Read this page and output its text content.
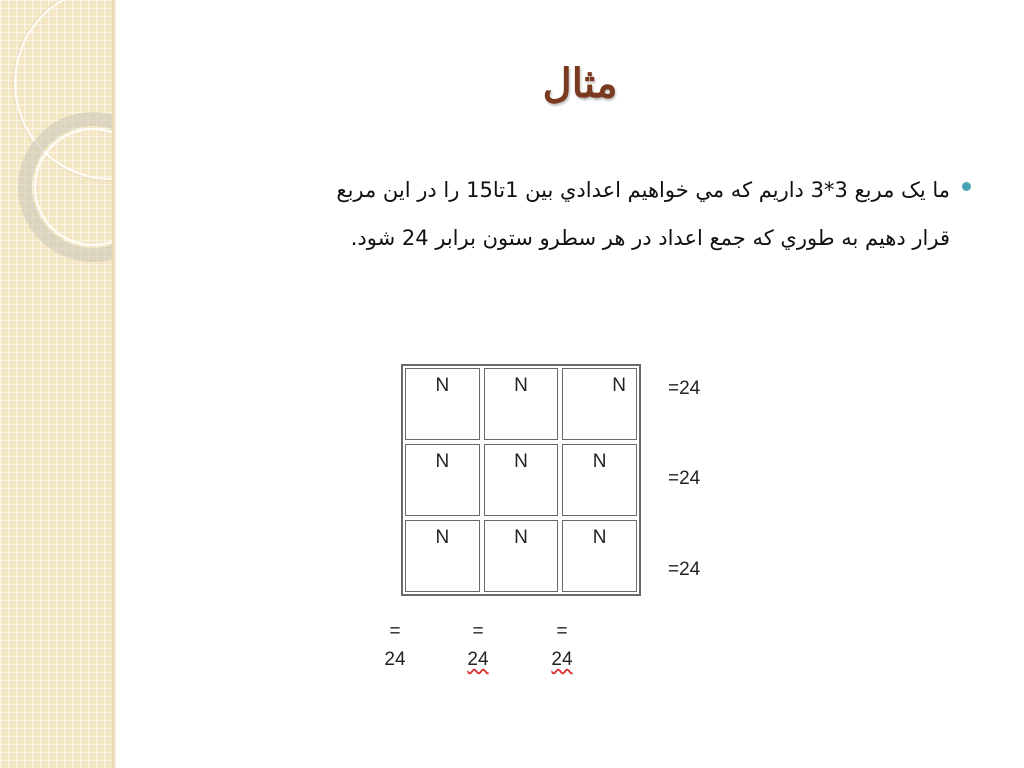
مثال
ما يک مربع 3*3 داريم که مي خواهيم اعدادي بين 1تا15 را در اين مربع
قرار دهيم به طوري که جمع اعداد در هر سطرو ستون برابر 24 شود.
N	N	N
N	N	N
N	N	N
=24
=24
=24
=
24
=
24
=
24
